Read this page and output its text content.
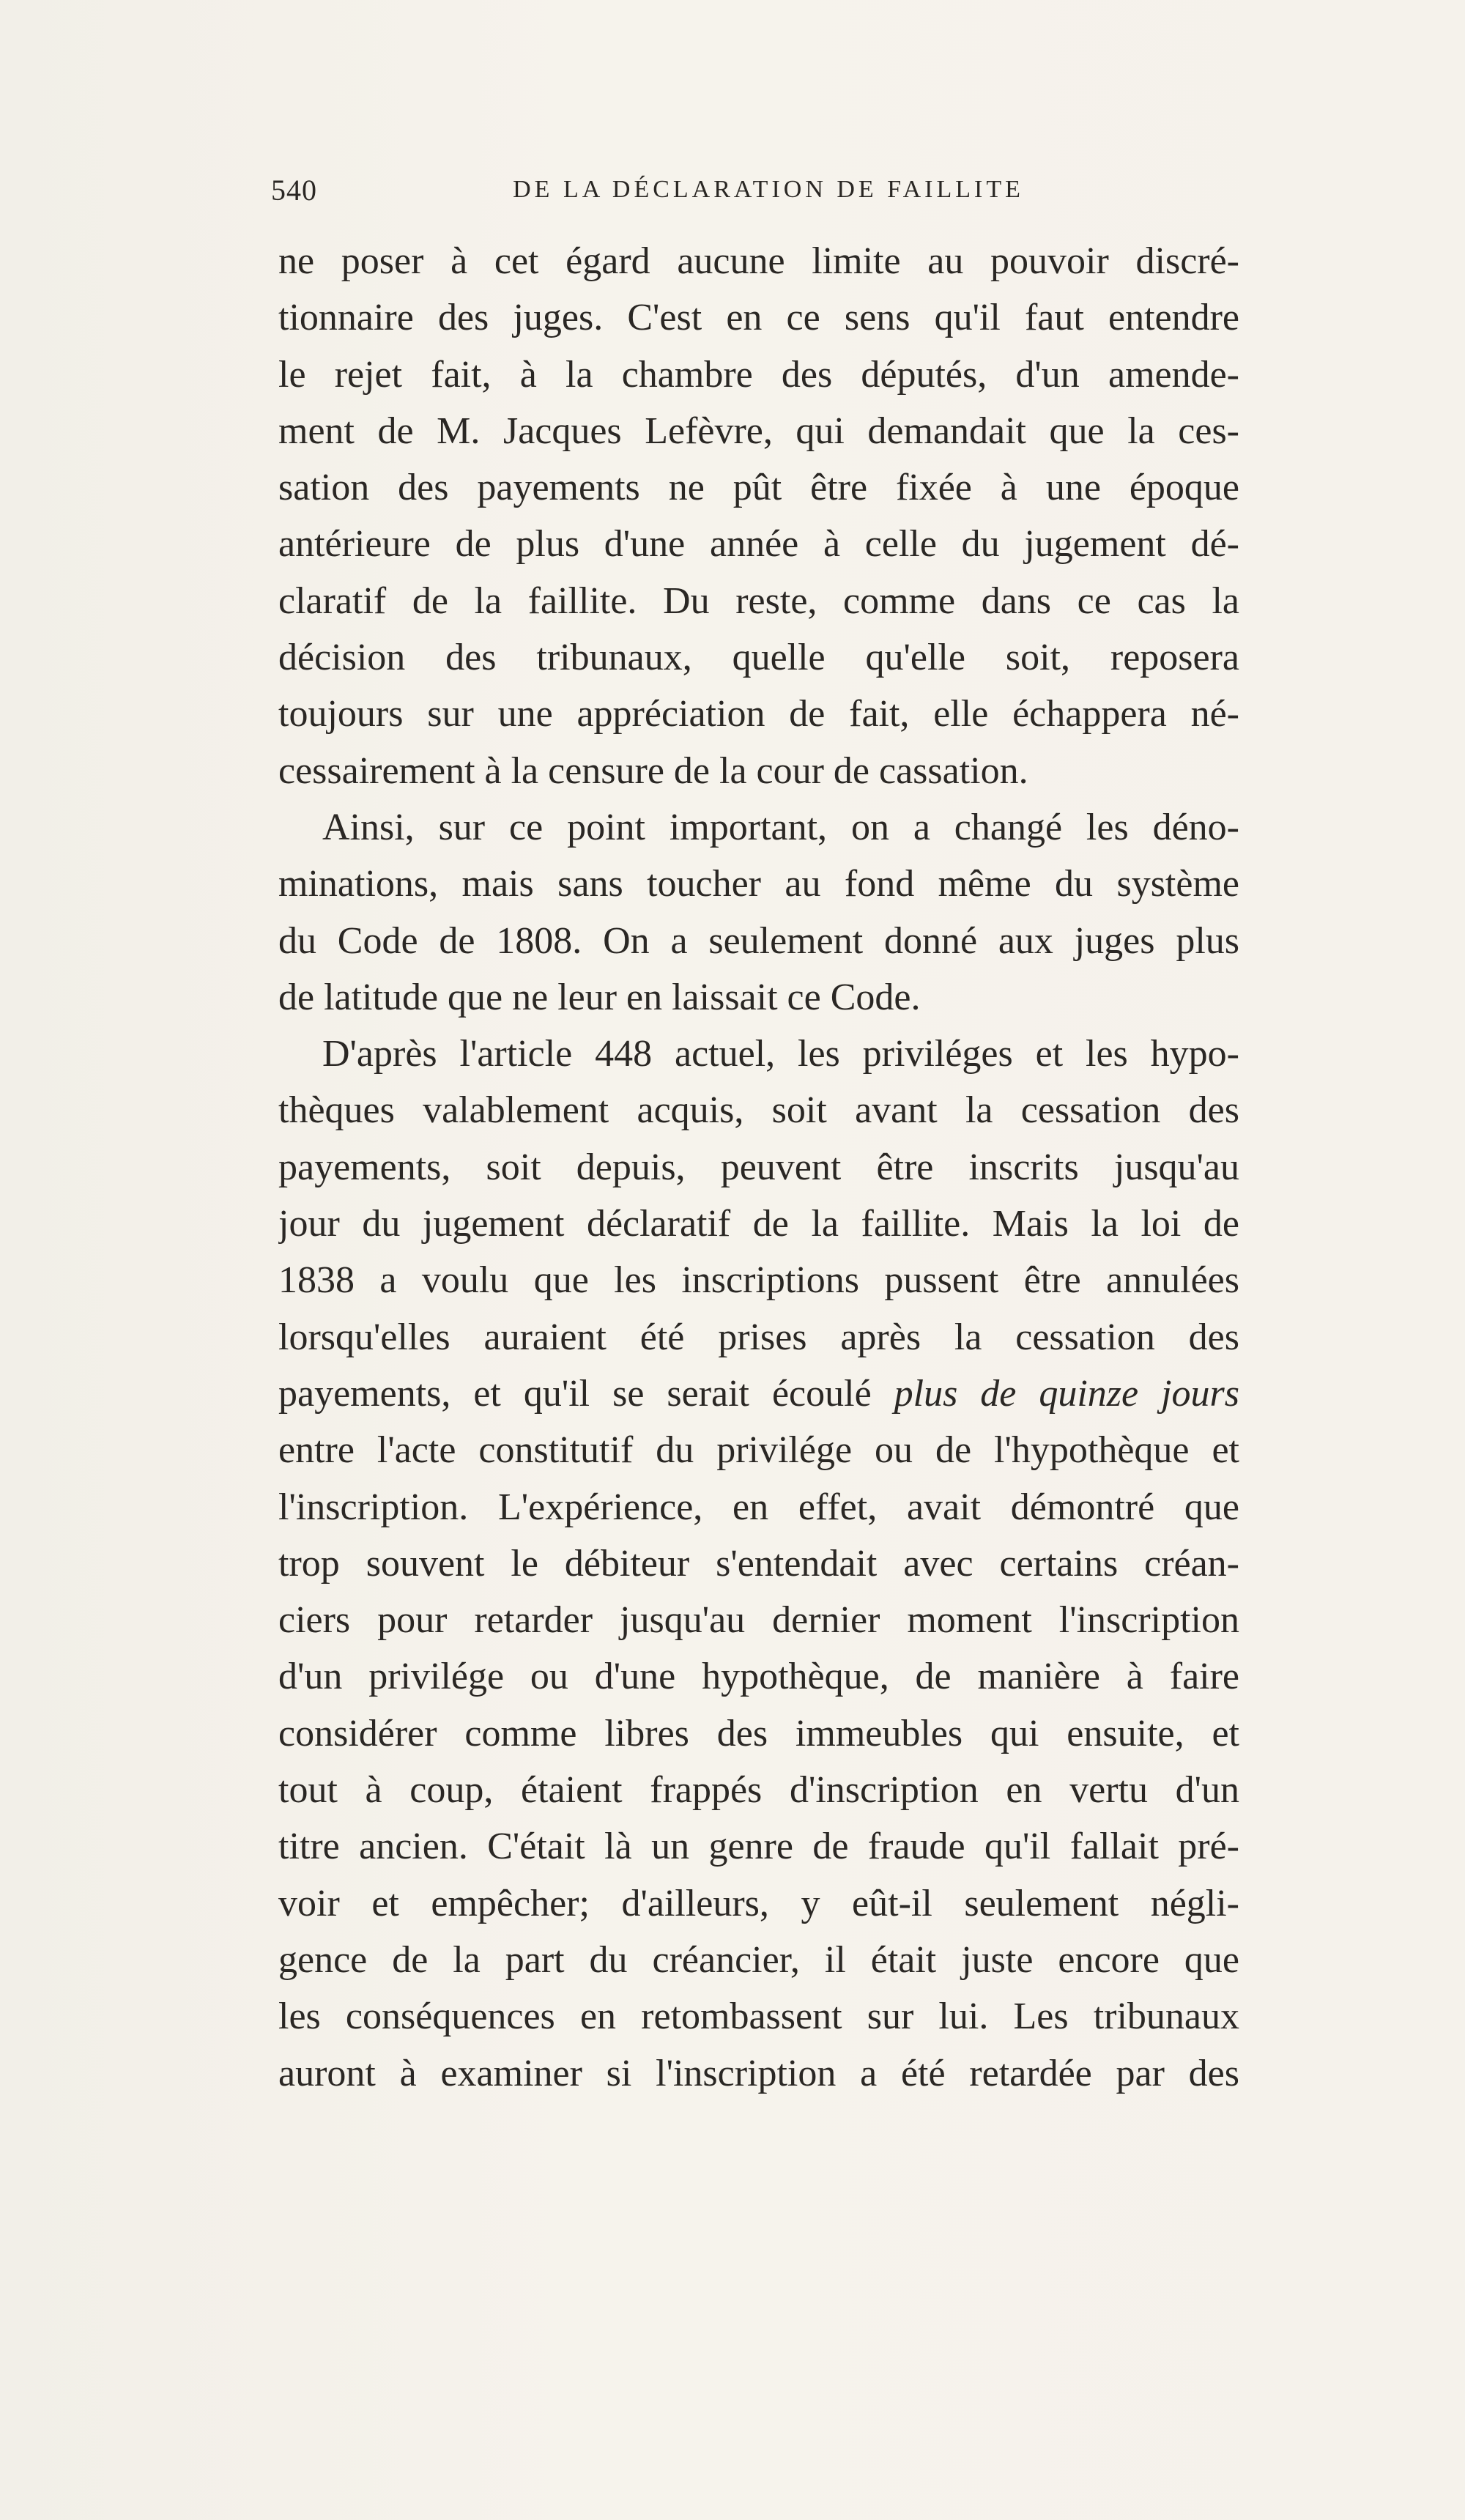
540	DE LA DÉCLARATION DE FAILLITE
ne poser à cet égard aucune limite au pouvoir discré-
tionnaire des juges. C'est en ce sens qu'il faut entendre
le rejet fait, à la chambre des députés, d'un amende-
ment de M. Jacques Lefèvre, qui demandait que la ces-
sation des payements ne pût être fixée à une époque
antérieure de plus d'une année à celle du jugement dé-
claratif de la faillite. Du reste, comme dans ce cas la
décision des tribunaux, quelle qu'elle soit, reposera
toujours sur une appréciation de fait, elle échappera né-
cessairement à la censure de la cour de cassation.
Ainsi, sur ce point important, on a changé les déno-
minations, mais sans toucher au fond même du système
du Code de 1808. On a seulement donné aux juges plus
de latitude que ne leur en laissait ce Code.
D'après l'article 448 actuel, les priviléges et les hypo-
thèques valablement acquis, soit avant la cessation des
payements, soit depuis, peuvent être inscrits jusqu'au
jour du jugement déclaratif de la faillite. Mais la loi de
1838 a voulu que les inscriptions pussent être annulées
lorsqu'elles auraient été prises après la cessation des
payements, et qu'il se serait écoulé plus de quinze jours
entre l'acte constitutif du privilége ou de l'hypothèque et
l'inscription. L'expérience, en effet, avait démontré que
trop souvent le débiteur s'entendait avec certains créan-
ciers pour retarder jusqu'au dernier moment l'inscription
d'un privilége ou d'une hypothèque, de manière à faire
considérer comme libres des immeubles qui ensuite, et
tout à coup, étaient frappés d'inscription en vertu d'un
titre ancien. C'était là un genre de fraude qu'il fallait pré-
voir et empêcher; d'ailleurs, y eût-il seulement négli-
gence de la part du créancier, il était juste encore que
les conséquences en retombassent sur lui. Les tribunaux
auront à examiner si l'inscription a été retardée par des
